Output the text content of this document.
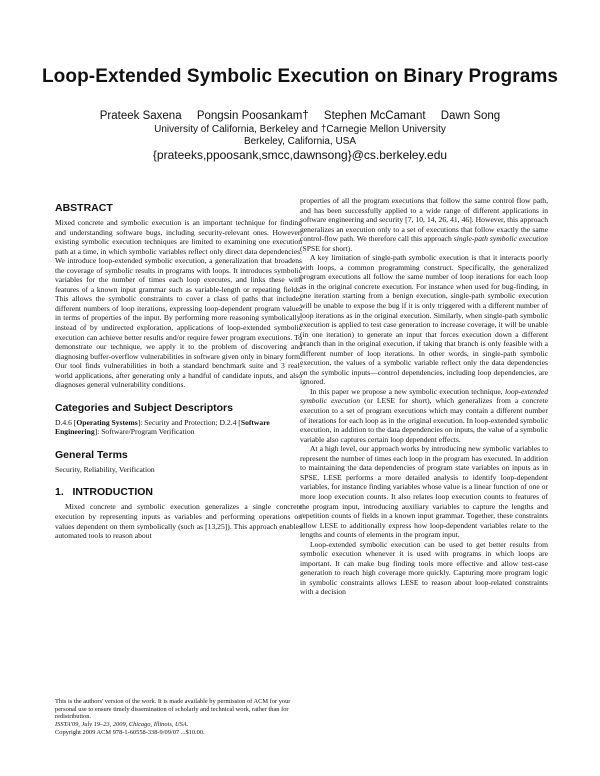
Loop-Extended Symbolic Execution on Binary Programs
Prateek Saxena Pongsin Poosankam† Stephen McCamant Dawn Song
University of California, Berkeley and †Carnegie Mellon University
Berkeley, California, USA
{prateeks,ppoosank,smcc,dawnsong}@cs.berkeley.edu
ABSTRACT

Mixed concrete and symbolic execution is an important technique for finding and understanding software bugs, including security-relevant ones. However, existing symbolic execution techniques are limited to examining one execution path at a time, in which symbolic variables reflect only direct data dependencies. We introduce loop-extended symbolic execution, a generalization that broadens the coverage of symbolic results in programs with loops. It introduces symbolic variables for the number of times each loop executes, and links these with features of a known input grammar such as variable-length or repeating fields. This allows the symbolic constraints to cover a class of paths that includes different numbers of loop iterations, expressing loop-dependent program values in terms of properties of the input. By performing more reasoning symbolically, instead of by undirected exploration, applications of loop-extended symbolic execution can achieve better results and/or require fewer program executions. To demonstrate our technique, we apply it to the problem of discovering and diagnosing buffer-overflow vulnerabilities in software given only in binary form. Our tool finds vulnerabilities in both a standard benchmark suite and 3 real-world applications, after generating only a handful of candidate inputs, and also diagnoses general vulnerability conditions.

Categories and Subject Descriptors

D.4.6 [Operating Systems]: Security and Protection; D.2.4 [Software Engineering]: Software/Program Verification

General Terms

Security, Reliability, Verification

1.   INTRODUCTION

Mixed concrete and symbolic execution generalizes a single concrete execution by representing inputs as variables and performing operations on values dependent on them symbolically (such as [13,25]). This approach enables automated tools to reason about

This is the authors' version of the work. It is made available by permission of ACM for your personal use to ensure timely dissemination of scholarly and technical work, rather than for redistribution.
ISSTA'09, July 19–23, 2009, Chicago, Illinois, USA.
Copyright 2009 ACM 978-1-60558-338-9/09/07 ...$10.00.

properties of all the program executions that follow the same control flow path, and has been successfully applied to a wide range of different applications in software engineering and security [7, 10, 14, 26, 41, 46]. However, this approach generalizes an execution only to a set of executions that follow exactly the same control-flow path. We therefore call this approach single-path symbolic execution (SPSE for short).

A key limitation of single-path symbolic execution is that it interacts poorly with loops, a common programming construct. Specifically, the generalized program executions all follow the same number of loop iterations for each loop as in the original concrete execution. For instance when used for bug-finding, in one iteration starting from a benign execution, single-path symbolic execution will be unable to expose the bug if it is only triggered with a different number of loop iterations as in the original execution. Similarly, when single-path symbolic execution is applied to test case generation to increase coverage, it will be unable (in one iteration) to generate an input that forces execution down a different branch than in the original execution, if taking that branch is only feasible with a different number of loop iterations. In other words, in single-path symbolic execution, the values of a symbolic variable reflect only the data dependencies on the symbolic inputs—control dependencies, including loop dependencies, are ignored.

In this paper we propose a new symbolic execution technique, loop-extended symbolic execution (or LESE for short), which generalizes from a concrete execution to a set of program executions which may contain a different number of iterations for each loop as in the original execution. In loop-extended symbolic execution, in addition to the data dependencies on inputs, the value of a symbolic variable also captures certain loop dependent effects.

At a high level, our approach works by introducing new symbolic variables to represent the number of times each loop in the program has executed. In addition to maintaining the data dependencies of program state variables on inputs as in SPSE, LESE performs a more detailed analysis to identify loop-dependent variables, for instance finding variables whose value is a linear function of one or more loop execution counts. It also relates loop execution counts to features of the program input, introducing auxiliary variables to capture the lengths and repetition counts of fields in a known input grammar. Together, these constraints allow LESE to additionally express how loop-dependent variables relate to the lengths and counts of elements in the program input.

Loop-extended symbolic execution can be used to get better results from symbolic execution whenever it is used with programs in which loops are important. It can make bug finding tools more effective and allow test-case generation to reach high coverage more quickly. Capturing more program logic in symbolic constraints allows LESE to reason about loop-related constraints with a decision
